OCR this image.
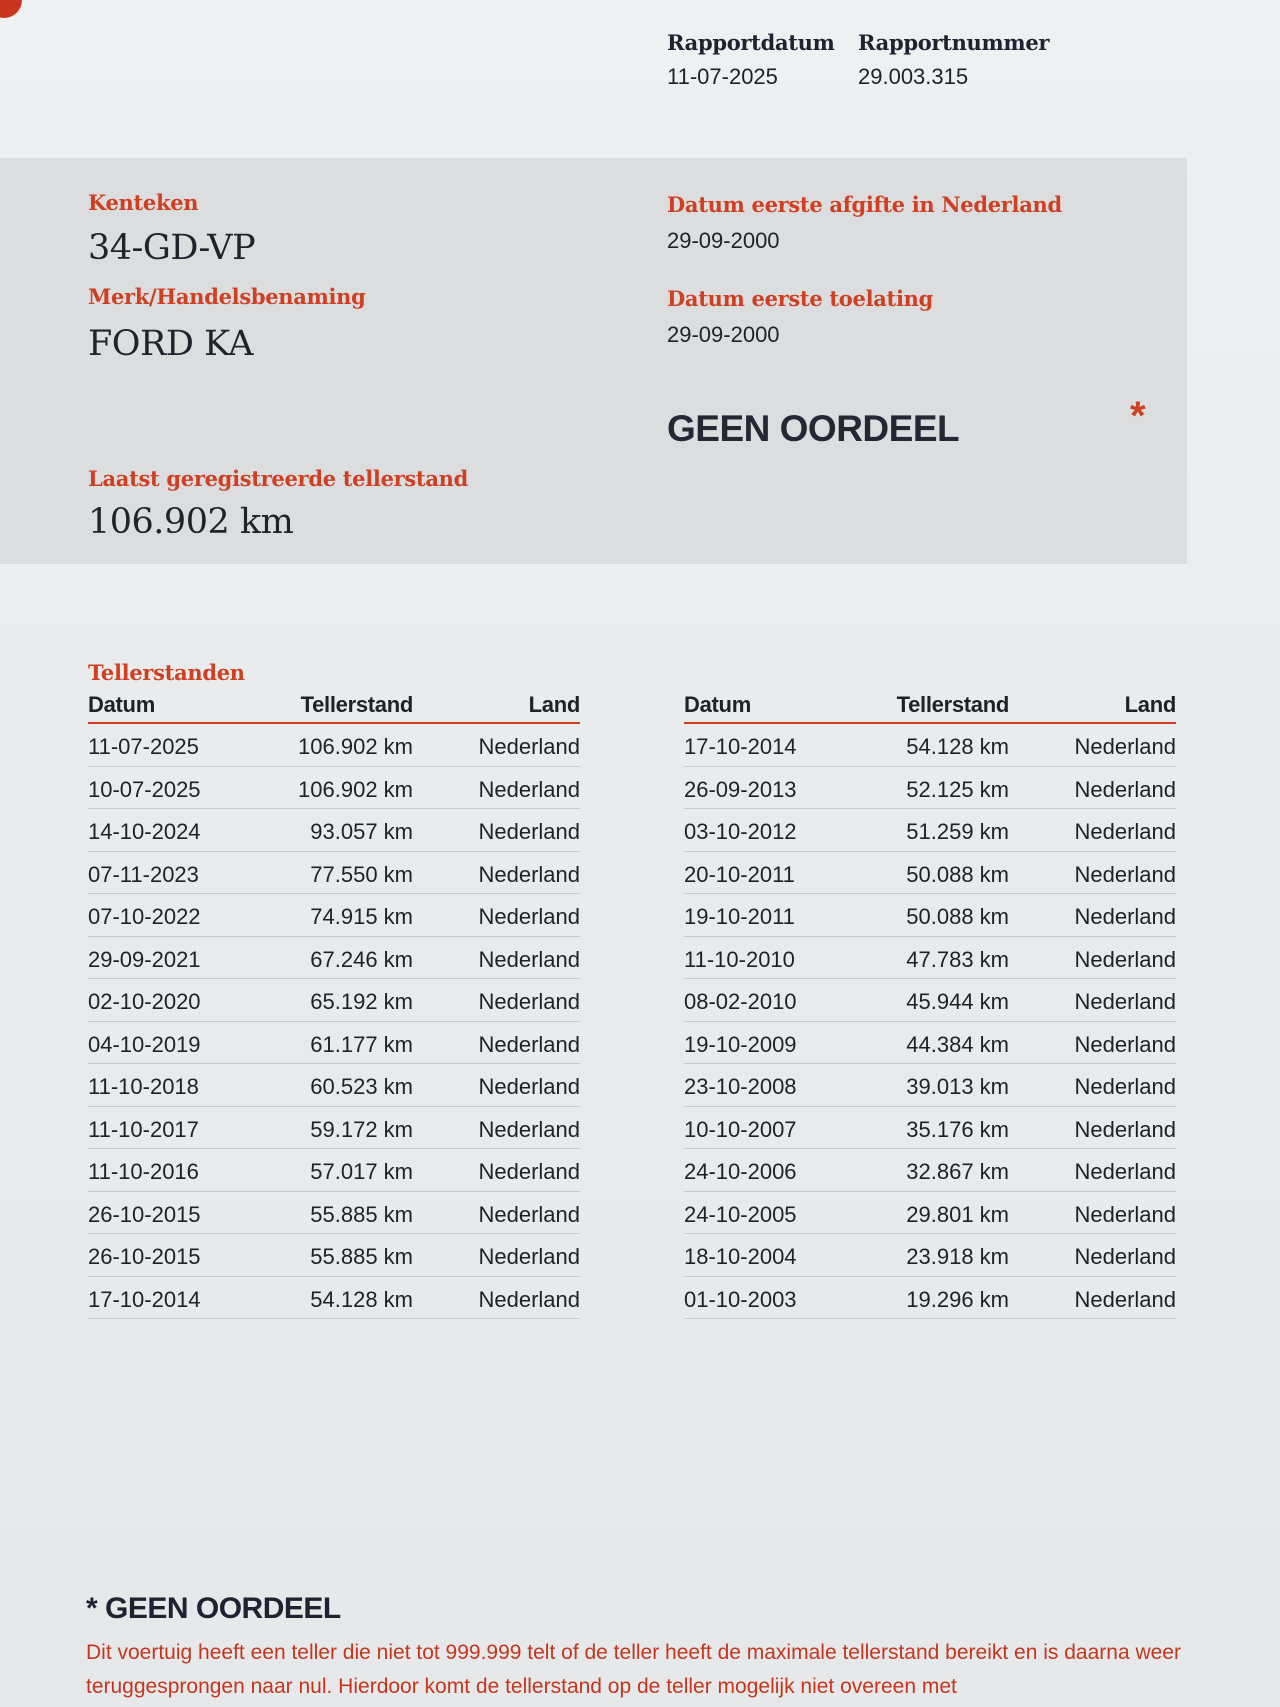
Rapportdatum
11-07-2025
Rapportnummer
29.003.315
Kenteken
34-GD-VP
Merk/Handelsbenaming
FORD KA
Datum eerste afgifte in Nederland
29-09-2000
Datum eerste toelating
29-09-2000
GEEN OORDEEL	*
Laatst geregistreerde tellerstand
106.902 km
Tellerstanden
Datum	Tellerstand	Land
11-07-2025	106.902 km	Nederland
10-07-2025	106.902 km	Nederland
14-10-2024	93.057 km	Nederland
07-11-2023	77.550 km	Nederland
07-10-2022	74.915 km	Nederland
29-09-2021	67.246 km	Nederland
02-10-2020	65.192 km	Nederland
04-10-2019	61.177 km	Nederland
11-10-2018	60.523 km	Nederland
11-10-2017	59.172 km	Nederland
11-10-2016	57.017 km	Nederland
26-10-2015	55.885 km	Nederland
26-10-2015	55.885 km	Nederland
17-10-2014	54.128 km	Nederland
Datum	Tellerstand	Land
17-10-2014	54.128 km	Nederland
26-09-2013	52.125 km	Nederland
03-10-2012	51.259 km	Nederland
20-10-2011	50.088 km	Nederland
19-10-2011	50.088 km	Nederland
11-10-2010	47.783 km	Nederland
08-02-2010	45.944 km	Nederland
19-10-2009	44.384 km	Nederland
23-10-2008	39.013 km	Nederland
10-10-2007	35.176 km	Nederland
24-10-2006	32.867 km	Nederland
24-10-2005	29.801 km	Nederland
18-10-2004	23.918 km	Nederland
01-10-2003	19.296 km	Nederland
* GEEN OORDEEL
Dit voertuig heeft een teller die niet tot 999.999 telt of de teller heeft de maximale tellerstand bereikt en is daarna weer teruggesprongen naar nul. Hierdoor komt de tellerstand op de teller mogelijk niet overeen met
